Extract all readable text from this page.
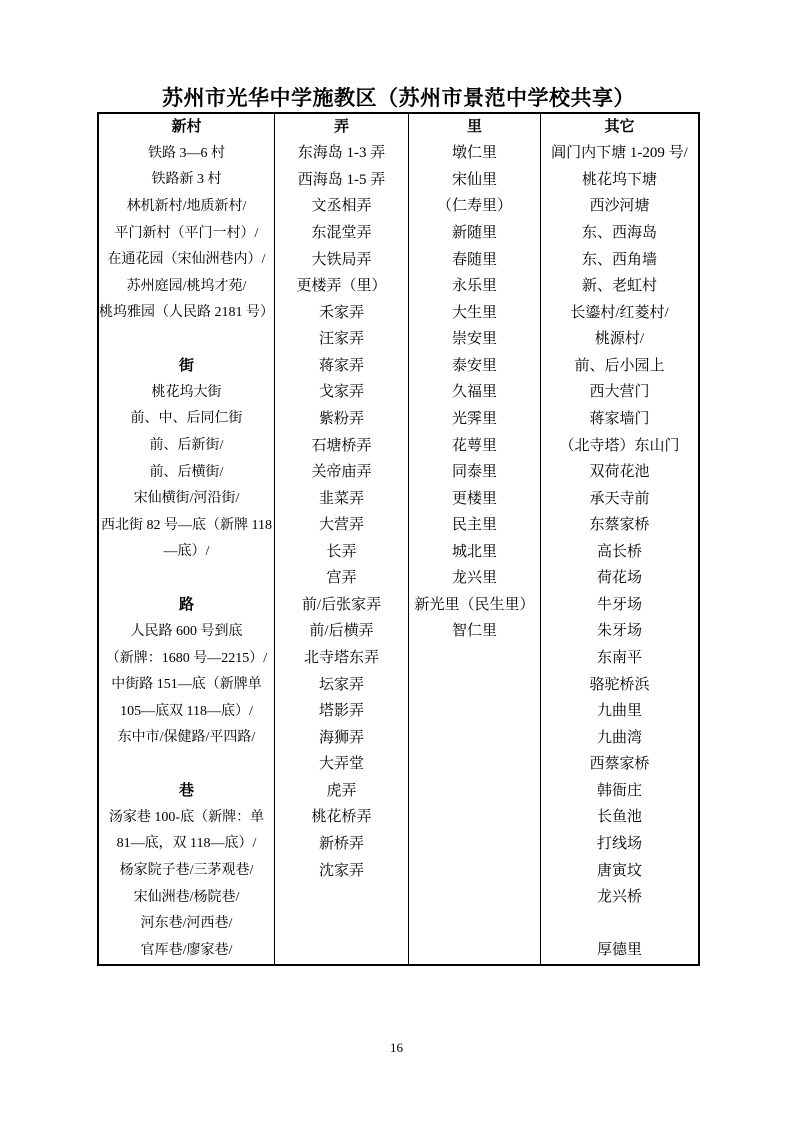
苏州市光华中学施教区（苏州市景范中学校共享）
新村
铁路 3—6 村
铁路新 3 村
林机新村/地质新村/
平门新村（平门一村）/
在通花园（宋仙洲巷内）/
苏州庭园/桃坞才苑/
桃坞雅园（人民路 2181 号）
街
桃花坞大街
前、中、后同仁街
前、后新街/
前、后横街/
宋仙横街/河沿街/
西北街 82 号—底（新牌 118
—底）/
路
人民路 600 号到底
（新牌：1680 号—2215）/
中街路 151—底（新牌单
105—底双 118—底）/
东中市/保健路/平四路/
巷
汤家巷 100-底（新牌：单
81—底，双 118—底）/
杨家院子巷/三茅观巷/
宋仙洲巷/杨院巷/
河东巷/河西巷/
官厍巷/廖家巷/
弄
东海岛 1-3 弄
西海岛 1-5 弄
文丞相弄
东混堂弄
大铁局弄
更楼弄（里）
禾家弄
汪家弄
蒋家弄
戈家弄
紫粉弄
石塘桥弄
关帝庙弄
韭菜弄
大营弄
长弄
宫弄
前/后张家弄
前/后横弄
北寺塔东弄
坛家弄
塔影弄
海狮弄
大弄堂
虎弄
桃花桥弄
新桥弄
沈家弄
里
墩仁里
宋仙里
（仁寿里）
新随里
春随里
永乐里
大生里
崇安里
泰安里
久福里
光霁里
花萼里
同泰里
更楼里
民主里
城北里
龙兴里
新光里（民生里）
智仁里
其它
阊门内下塘 1-209 号/
桃花坞下塘
西沙河塘
东、西海岛
东、西角墙
新、老虹村
长鎏村/红菱村/
桃源村/
前、后小园上
西大营门
蒋家墙门
（北寺塔）东山门
双荷花池
承天寺前
东蔡家桥
高长桥
荷花场
牛牙场
朱牙场
东南平
骆驼桥浜
九曲里
九曲湾
西蔡家桥
韩衙庄
长鱼池
打线场
唐寅坟
龙兴桥
厚德里
16
